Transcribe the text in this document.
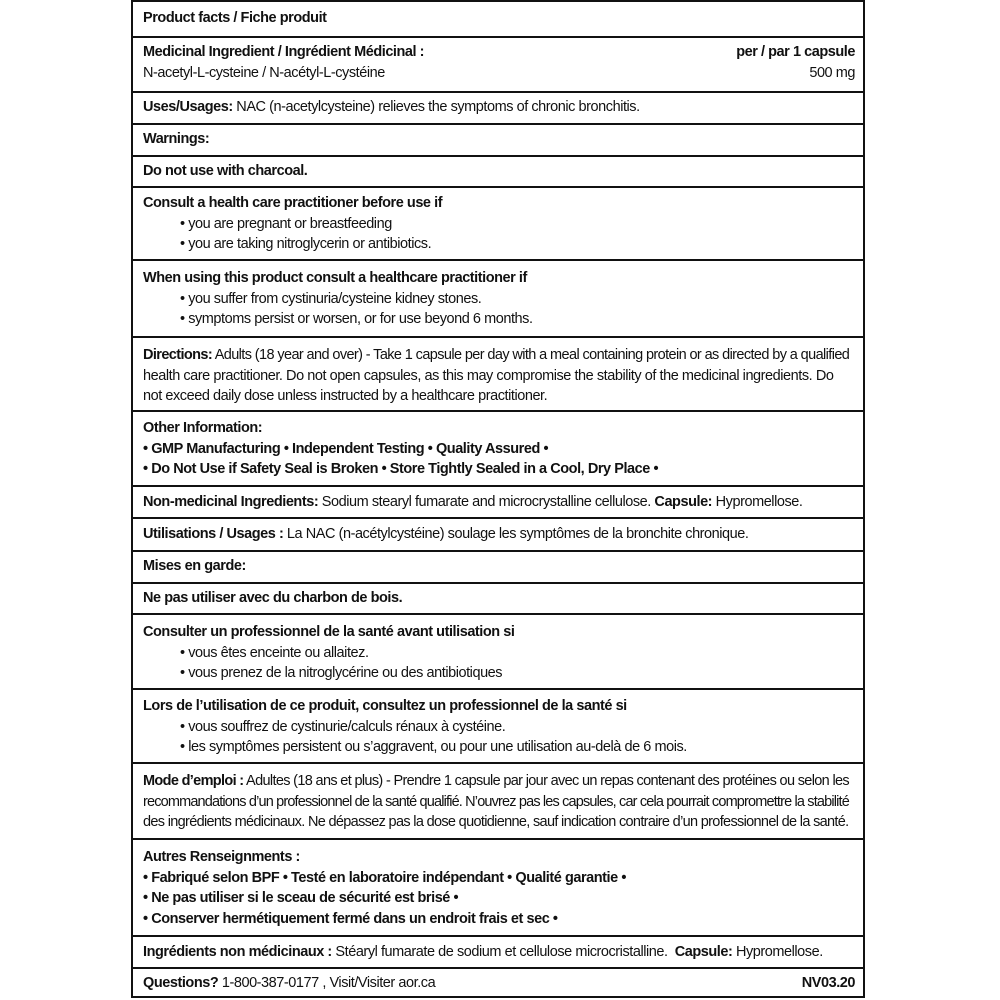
Product facts / Fiche produit
Medicinal Ingredient / Ingrédient Médicinal :	per / par 1 capsule
N-acetyl-L-cysteine / N-acétyl-L-cystéine	500 mg
Uses/Usages: NAC (n-acetylcysteine) relieves the symptoms of chronic bronchitis.
Warnings:
Do not use with charcoal.
Consult a health care practitioner before use if
• you are pregnant or breastfeeding
• you are taking nitroglycerin or antibiotics.
When using this product consult a healthcare practitioner if
• you suffer from cystinuria/cysteine kidney stones.
• symptoms persist or worsen, or for use beyond 6 months.
Directions: Adults (18 year and over) - Take 1 capsule per day with a meal containing protein or as directed by a qualified
health care practitioner. Do not open capsules, as this may compromise the stability of the medicinal ingredients. Do
not exceed daily dose unless instructed by a healthcare practitioner.
Other Information:
• GMP Manufacturing • Independent Testing • Quality Assured •
• Do Not Use if Safety Seal is Broken • Store Tightly Sealed in a Cool, Dry Place •
Non-medicinal Ingredients: Sodium stearyl fumarate and microcrystalline cellulose. Capsule: Hypromellose.
Utilisations / Usages : La NAC (n-acétylcystéine) soulage les symptômes de la bronchite chronique.
Mises en garde:
Ne pas utiliser avec du charbon de bois.
Consulter un professionnel de la santé avant utilisation si
• vous êtes enceinte ou allaitez.
• vous prenez de la nitroglycérine ou des antibiotiques
Lors de l’utilisation de ce produit, consultez un professionnel de la santé si
• vous souffrez de cystinurie/calculs rénaux à cystéine.
• les symptômes persistent ou s’aggravent, ou pour une utilisation au-delà de 6 mois.
Mode d’emploi : Adultes (18 ans et plus) - Prendre 1 capsule par jour avec un repas contenant des protéines ou selon les
recommandations d’un professionnel de la santé qualifié. N’ouvrez pas les capsules, car cela pourrait compromettre la stabilité
des ingrédients médicinaux. Ne dépassez pas la dose quotidienne, sauf indication contraire d’un professionnel de la santé.
Autres Renseignments :
• Fabriqué selon BPF • Testé en laboratoire indépendant • Qualité garantie •
• Ne pas utiliser si le sceau de sécurité est brisé •
• Conserver hermétiquement fermé dans un endroit frais et sec •
Ingrédients non médicinaux : Stéaryl fumarate de sodium et cellulose microcristalline.  Capsule: Hypromellose.
Questions? 1-800-387-0177 , Visit/Visiter aor.ca	NV03.20
